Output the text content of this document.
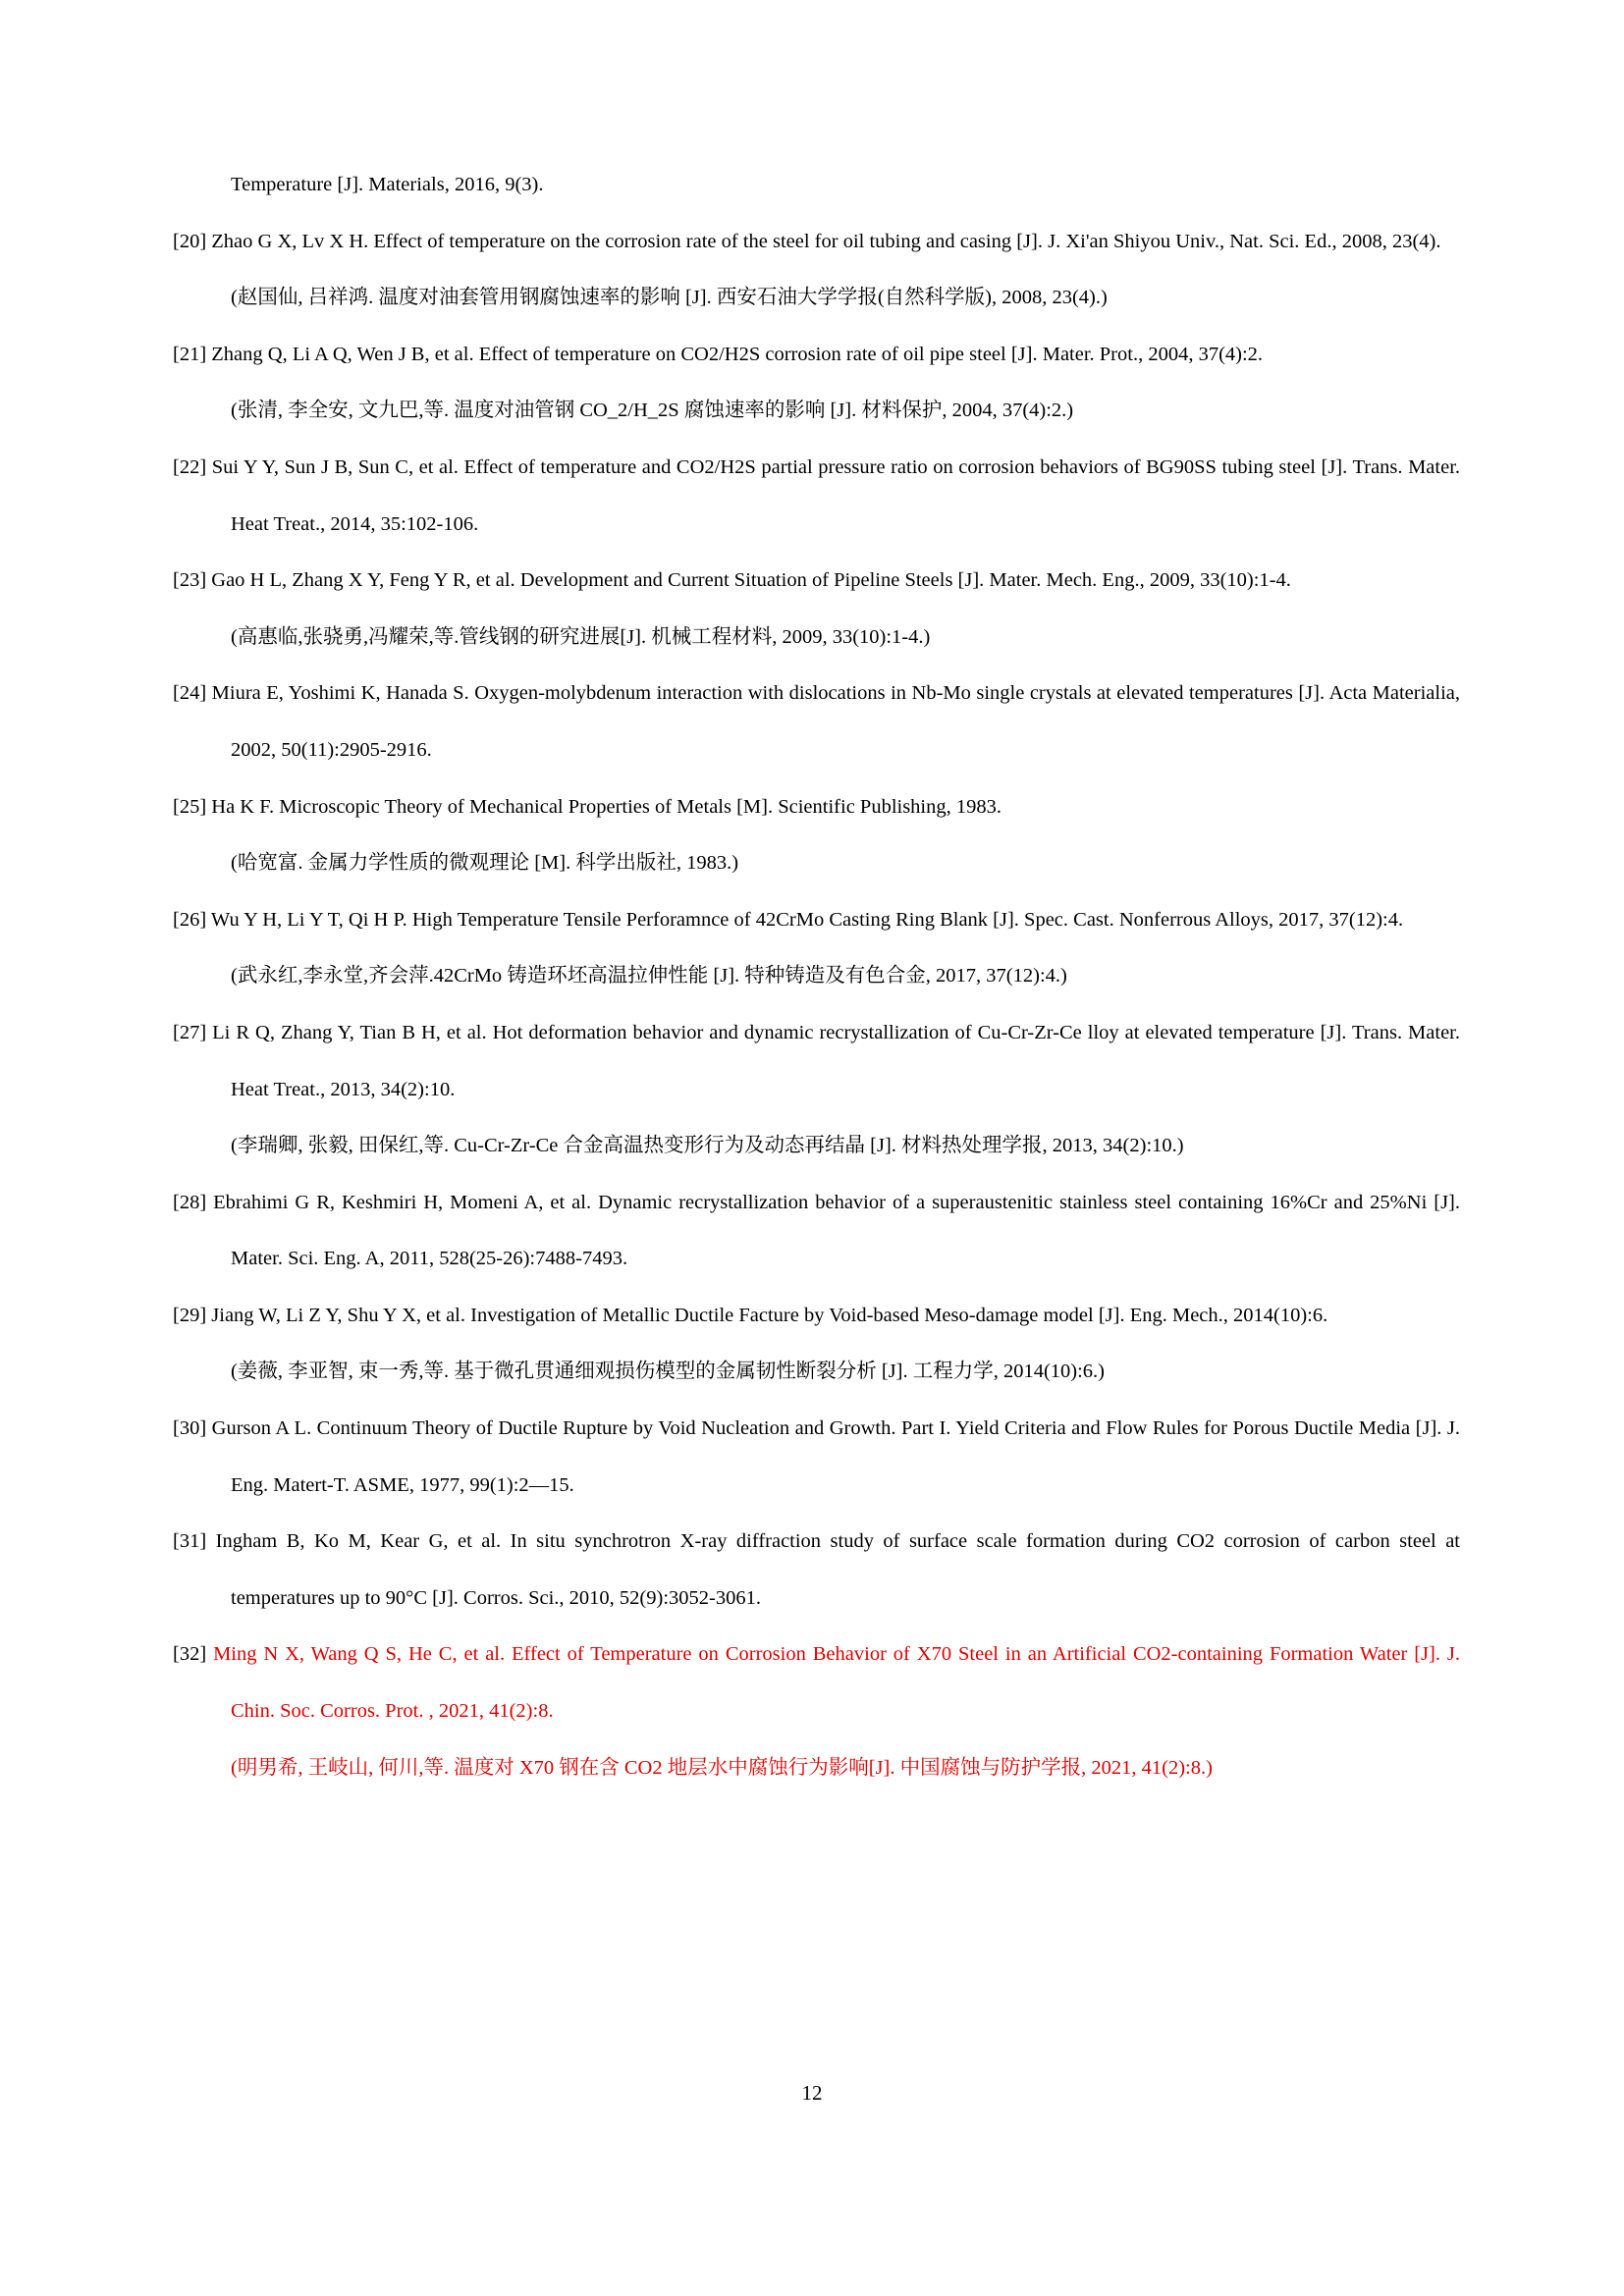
Temperature [J]. Materials, 2016, 9(3).
[20] Zhao G X, Lv X H. Effect of temperature on the corrosion rate of the steel for oil tubing and casing [J]. J. Xi'an Shiyou Univ., Nat. Sci. Ed., 2008, 23(4).
(赵国仙, 吕祥鸿. 温度对油套管用钢腐蚀速率的影响 [J]. 西安石油大学学报(自然科学版), 2008, 23(4).)
[21] Zhang Q, Li A Q, Wen J B, et al. Effect of temperature on CO2/H2S corrosion rate of oil pipe steel [J]. Mater. Prot., 2004, 37(4):2.
(张清, 李全安, 文九巴,等. 温度对油管钢 CO_2/H_2S 腐蚀速率的影响 [J]. 材料保护, 2004, 37(4):2.)
[22] Sui Y Y, Sun J B, Sun C, et al. Effect of temperature and CO2/H2S partial pressure ratio on corrosion behaviors of BG90SS tubing steel [J]. Trans. Mater.
Heat Treat., 2014, 35:102-106.
[23] Gao H L, Zhang X Y, Feng Y R, et al. Development and Current Situation of Pipeline Steels [J]. Mater. Mech. Eng., 2009, 33(10):1-4.
(高惠临,张骁勇,冯耀荣,等.管线钢的研究进展[J]. 机械工程材料, 2009, 33(10):1-4.)
[24] Miura E, Yoshimi K, Hanada S. Oxygen-molybdenum interaction with dislocations in Nb-Mo single crystals at elevated temperatures [J]. Acta Materialia,
2002, 50(11):2905-2916.
[25] Ha K F. Microscopic Theory of Mechanical Properties of Metals [M]. Scientific Publishing, 1983.
(哈宽富. 金属力学性质的微观理论 [M]. 科学出版社, 1983.)
[26] Wu Y H, Li Y T, Qi H P. High Temperature Tensile Perforamnce of 42CrMo Casting Ring Blank [J]. Spec. Cast. Nonferrous Alloys, 2017, 37(12):4.
(武永红,李永堂,齐会萍.42CrMo 铸造环坯高温拉伸性能 [J]. 特种铸造及有色合金, 2017, 37(12):4.)
[27] Li R Q, Zhang Y, Tian B H, et al. Hot deformation behavior and dynamic recrystallization of Cu-Cr-Zr-Ce lloy at elevated temperature [J]. Trans. Mater.
Heat Treat., 2013, 34(2):10.
(李瑞卿, 张毅, 田保红,等. Cu-Cr-Zr-Ce 合金高温热变形行为及动态再结晶 [J]. 材料热处理学报, 2013, 34(2):10.)
[28] Ebrahimi G R, Keshmiri H, Momeni A, et al. Dynamic recrystallization behavior of a superaustenitic stainless steel containing 16%Cr and 25%Ni [J].
Mater. Sci. Eng. A, 2011, 528(25-26):7488-7493.
[29] Jiang W, Li Z Y, Shu Y X, et al. Investigation of Metallic Ductile Facture by Void-based Meso-damage model [J]. Eng. Mech., 2014(10):6.
(姜薇, 李亚智, 束一秀,等. 基于微孔贯通细观损伤模型的金属韧性断裂分析 [J]. 工程力学, 2014(10):6.)
[30] Gurson A L. Continuum Theory of Ductile Rupture by Void Nucleation and Growth. Part I. Yield Criteria and Flow Rules for Porous Ductile Media [J]. J.
Eng. Matert-T. ASME, 1977, 99(1):2—15.
[31] Ingham B, Ko M, Kear G, et al. In situ synchrotron X-ray diffraction study of surface scale formation during CO2 corrosion of carbon steel at
temperatures up to 90°C [J]. Corros. Sci., 2010, 52(9):3052-3061.
[32] Ming N X, Wang Q S, He C, et al. Effect of Temperature on Corrosion Behavior of X70 Steel in an Artificial CO2-containing Formation Water [J]. J.
Chin. Soc. Corros. Prot. , 2021, 41(2):8.
(明男希, 王岐山, 何川,等. 温度对 X70 钢在含 CO2 地层水中腐蚀行为影响[J]. 中国腐蚀与防护学报, 2021, 41(2):8.)
12
